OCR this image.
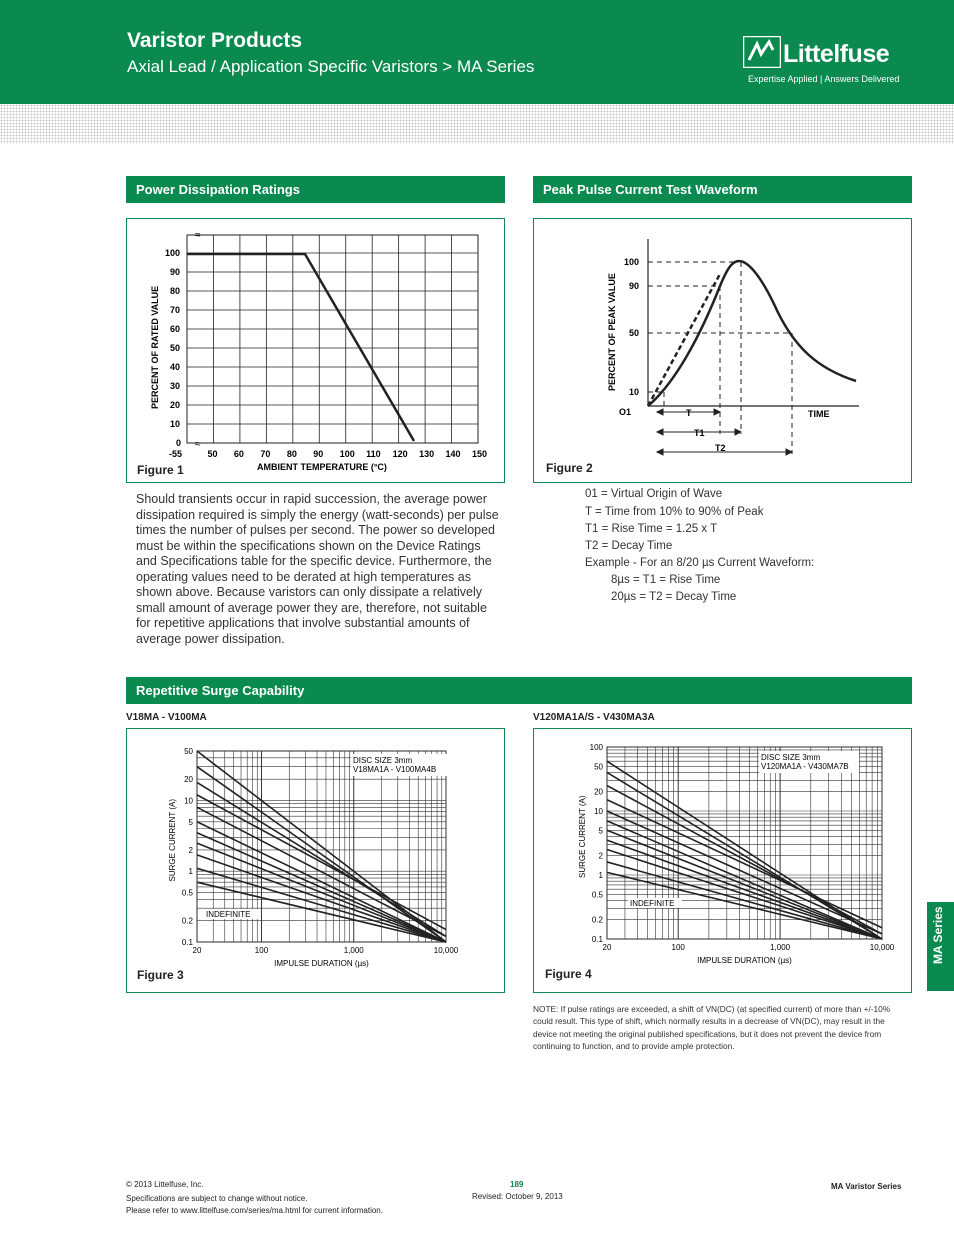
Varistor Products
Axial Lead / Application Specific Varistors > MA Series	Littelfuse
Expertise Applied | Answers Delivered
Power Dissipation Ratings	Peak Pulse Current Test Waveform
Repetitive Surge Capability
0
10
20
30
40
50
60
70
80
90
100
-55	50 60 70 80 90 100 110 120 130 140 150
PERCENT OF RATED VALUE
AMBIENT TEMPERATURE (°C)
≈
≈
Figure 1
PERCENT OF PEAK VALUE
100
90
50
10
O1	T
T1
T2
TIME
Figure 2
Should transients occur in rapid succession, the average power dissipation required is simply the energy (watt-seconds) per pulse times the number of pulses per second. The power so developed must be within the specifications shown on the Device Ratings and Specifications table for the specific device. Furthermore, the operating values need to be derated at high temperatures as shown above. Because varistors can only dissipate a relatively small amount of average power they are, therefore, not suitable for repetitive applications that involve substantial amounts of average power dissipation.
01 = Virtual Origin of Wave
T = Time from 10% to 90% of Peak
T1 = Rise Time = 1.25 x T
T2 = Decay Time
Example - For an 8/20 µs Current Waveform:
8µs = T1 = Rise Time
20µs = T2 = Decay Time
V18MA - V100MA
50
20
10
5
2
1
0.5
0.2
0.1
20	100	1,000	10,000
IMPULSE DURATION (µs)
SURGE CURRENT (A)
DISC SIZE 3mm
V18MA1A - V100MA4B
INDEFINITE
Figure 3
V120MA1A/S - V430MA3A
100
50
20
10
5
2
1
0.5
0.2
0.1
20	100	1,000	10,000
IMPULSE DURATION (µs)
SURGE CURRENT (A)
DISC SIZE 3mm
V120MA1A - V430MA7B
INDEFINITE
Figure 4
NOTE: If pulse ratings are exceeded, a shift of VN(DC) (at specified current) of more than +/-10% could result. This type of shift, which normally results in a decrease of VN(DC), may result in the device not meeting the original published specifications, but it does not prevent the device from continuing to function, and to provide ample protection.
MA Series
© 2013 Littelfuse, Inc.
Specifications are subject to change without notice.
Please refer to www.littelfuse.com/series/ma.html for current information.
189
Revised: October 9, 2013
MA Varistor Series
